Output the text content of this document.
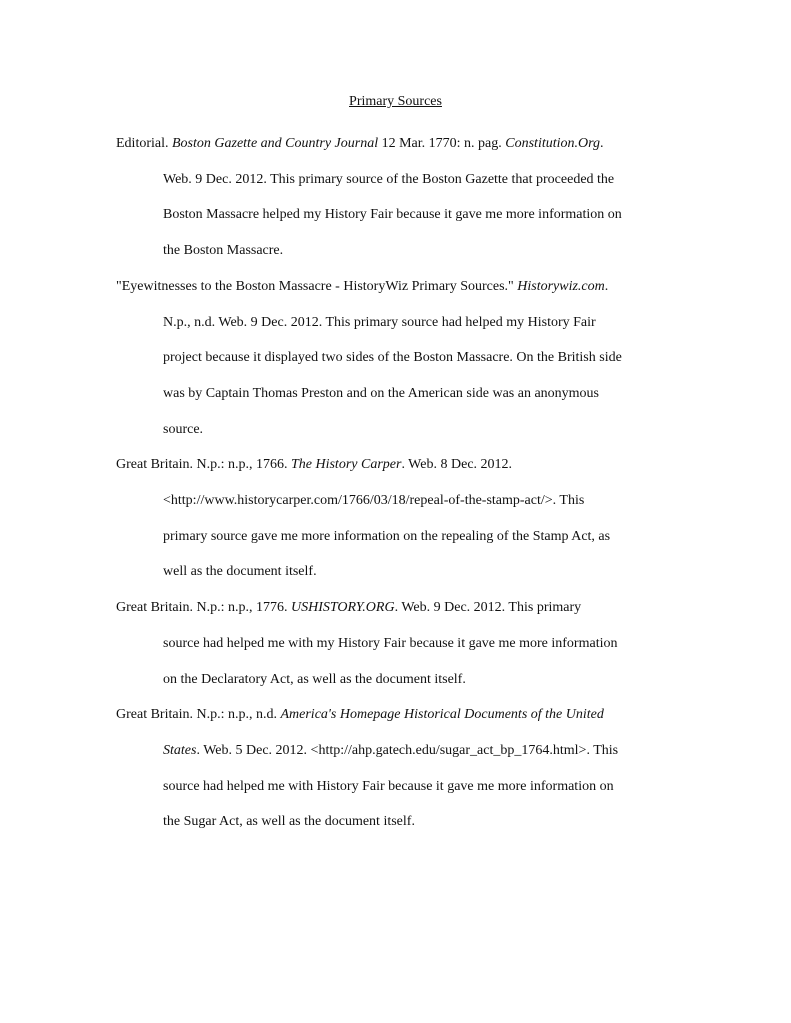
Primary Sources

Editorial. Boston Gazette and Country Journal 12 Mar. 1770: n. pag. Constitution.Org.
Web. 9 Dec. 2012. This primary source of the Boston Gazette that proceeded the
Boston Massacre helped my History Fair because it gave me more information on
the Boston Massacre.

"Eyewitnesses to the Boston Massacre - HistoryWiz Primary Sources." Historywiz.com.
N.p., n.d. Web. 9 Dec. 2012. This primary source had helped my History Fair
project because it displayed two sides of the Boston Massacre. On the British side
was by Captain Thomas Preston and on the American side was an anonymous
source.

Great Britain. N.p.: n.p., 1766. The History Carper. Web. 8 Dec. 2012.
<http://www.historycarper.com/1766/03/18/repeal-of-the-stamp-act/>. This
primary source gave me more information on the repealing of the Stamp Act, as
well as the document itself.

Great Britain. N.p.: n.p., 1776. USHISTORY.ORG. Web. 9 Dec. 2012. This primary
source had helped me with my History Fair because it gave me more information
on the Declaratory Act, as well as the document itself.

Great Britain. N.p.: n.p., n.d. America's Homepage Historical Documents of the United
States. Web. 5 Dec. 2012. <http://ahp.gatech.edu/sugar_act_bp_1764.html>. This
source had helped me with History Fair because it gave me more information on
the Sugar Act, as well as the document itself.
